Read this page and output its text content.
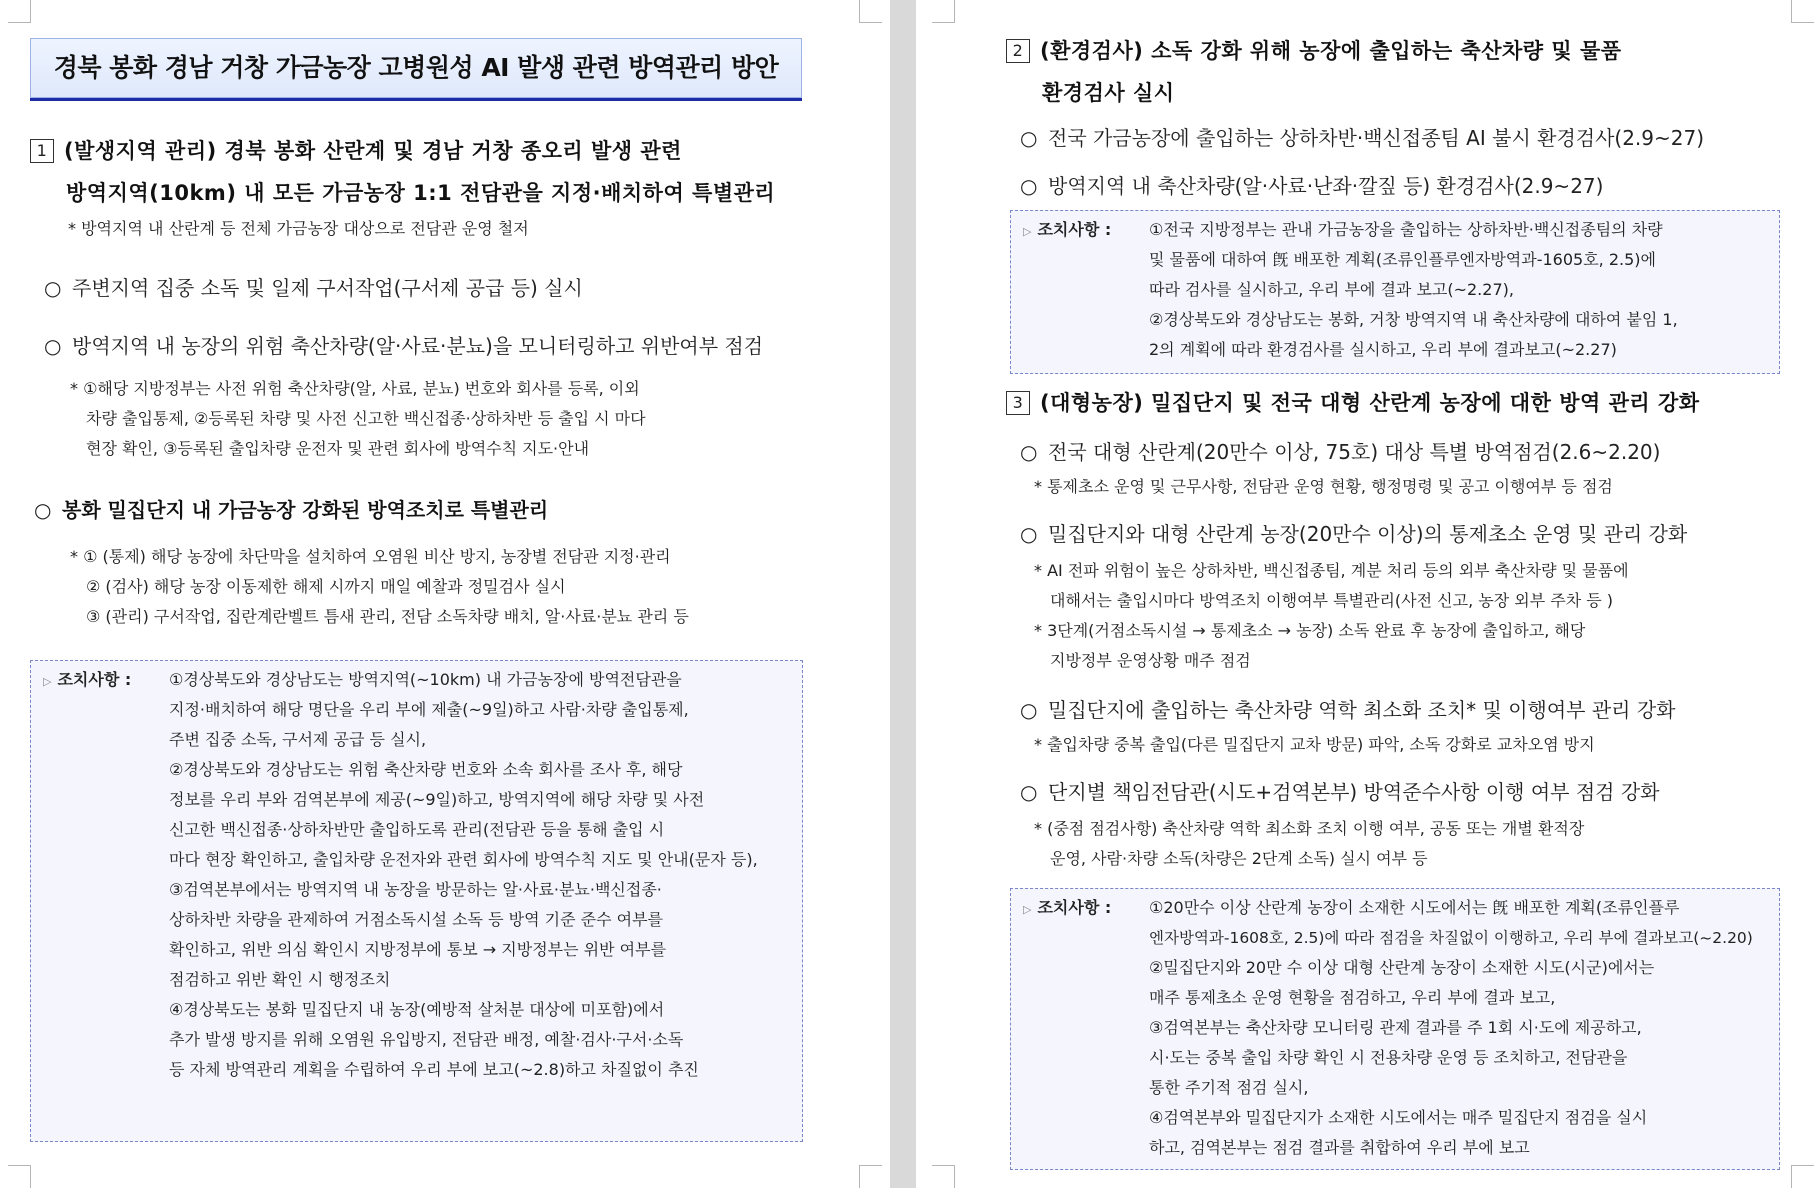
경북 봉화 경남 거창 가금농장 고병원성 AI 발생 관련 방역관리 방안
1 (발생지역 관리) 경북 봉화 산란계 및 경남 거창 종오리 발생 관련
방역지역(10km) 내 모든 가금농장 1:1 전담관을 지정·배치하여 특별관리
* 방역지역 내 산란계 등 전체 가금농장 대상으로 전담관 운영 철저
○ 주변지역 집중 소독 및 일제 구서작업(구서제 공급 등) 실시
○ 방역지역 내 농장의 위험 축산차량(알·사료·분뇨)을 모니터링하고 위반여부 점검
* ①해당 지방정부는 사전 위험 축산차량(알, 사료, 분뇨) 번호와 회사를 등록, 이외
차량 출입통제, ②등록된 차량 및 사전 신고한 백신접종·상하차반 등 출입 시 마다
현장 확인, ③등록된 출입차량 운전자 및 관련 회사에 방역수칙 지도·안내
○ 봉화 밀집단지 내 가금농장 강화된 방역조치로 특별관리
* ① (통제) 해당 농장에 차단막을 설치하여 오염원 비산 방지, 농장별 전담관 지정·관리
② (검사) 해당 농장 이동제한 해제 시까지 매일 예찰과 정밀검사 실시
③ (관리) 구서작업, 집란계란벨트 틈새 관리, 전담 소독차량 배치, 알·사료·분뇨 관리 등
▷ 조치사항 : ①경상북도와 경상남도는 방역지역(~10km) 내 가금농장에 방역전담관을
지정·배치하여 해당 명단을 우리 부에 제출(~9일)하고 사람·차량 출입통제,
주변 집중 소독, 구서제 공급 등 실시,
②경상북도와 경상남도는 위험 축산차량 번호와 소속 회사를 조사 후, 해당
정보를 우리 부와 검역본부에 제공(~9일)하고, 방역지역에 해당 차량 및 사전
신고한 백신접종·상하차반만 출입하도록 관리(전담관 등을 통해 출입 시
마다 현장 확인하고, 출입차량 운전자와 관련 회사에 방역수칙 지도 및 안내(문자 등),
③검역본부에서는 방역지역 내 농장을 방문하는 알·사료·분뇨·백신접종·
상하차반 차량을 관제하여 거점소독시설 소독 등 방역 기준 준수 여부를
확인하고, 위반 의심 확인시 지방정부에 통보 → 지방정부는 위반 여부를
점검하고 위반 확인 시 행정조치
④경상북도는 봉화 밀집단지 내 농장(예방적 살처분 대상에 미포함)에서
추가 발생 방지를 위해 오염원 유입방지, 전담관 배정, 예찰·검사·구서·소독
등 자체 방역관리 계획을 수립하여 우리 부에 보고(~2.8)하고 차질없이 추진
2 (환경검사) 소독 강화 위해 농장에 출입하는 축산차량 및 물품
환경검사 실시
○ 전국 가금농장에 출입하는 상하차반·백신접종팀 AI 불시 환경검사(2.9~27)
○ 방역지역 내 축산차량(알·사료·난좌·깔짚 등) 환경검사(2.9~27)
▷ 조치사항 : ①전국 지방정부는 관내 가금농장을 출입하는 상하차반·백신접종팀의 차량
및 물품에 대하여 旣 배포한 계획(조류인플루엔자방역과-1605호, 2.5)에
따라 검사를 실시하고, 우리 부에 결과 보고(~2.27),
②경상북도와 경상남도는 봉화, 거창 방역지역 내 축산차량에 대하여 붙임 1,
2의 계획에 따라 환경검사를 실시하고, 우리 부에 결과보고(~2.27)
3 (대형농장) 밀집단지 및 전국 대형 산란계 농장에 대한 방역 관리 강화
○ 전국 대형 산란계(20만수 이상, 75호) 대상 특별 방역점검(2.6~2.20)
* 통제초소 운영 및 근무사항, 전담관 운영 현황, 행정명령 및 공고 이행여부 등 점검
○ 밀집단지와 대형 산란계 농장(20만수 이상)의 통제초소 운영 및 관리 강화
* AI 전파 위험이 높은 상하차반, 백신접종팀, 계분 처리 등의 외부 축산차량 및 물품에
대해서는 출입시마다 방역조치 이행여부 특별관리(사전 신고, 농장 외부 주차 등 )
* 3단계(거점소독시설 → 통제초소 → 농장) 소독 완료 후 농장에 출입하고, 해당
지방정부 운영상황 매주 점검
○ 밀집단지에 출입하는 축산차량 역학 최소화 조치* 및 이행여부 관리 강화
* 출입차량 중복 출입(다른 밀집단지 교차 방문) 파악, 소독 강화로 교차오염 방지
○ 단지별 책임전담관(시도+검역본부) 방역준수사항 이행 여부 점검 강화
* (중점 점검사항) 축산차량 역학 최소화 조치 이행 여부, 공동 또는 개별 환적장
운영, 사람·차량 소독(차량은 2단계 소독) 실시 여부 등
▷ 조치사항 : ①20만수 이상 산란계 농장이 소재한 시도에서는 旣 배포한 계획(조류인플루
엔자방역과-1608호, 2.5)에 따라 점검을 차질없이 이행하고, 우리 부에 결과보고(~2.20)
②밀집단지와 20만 수 이상 대형 산란계 농장이 소재한 시도(시군)에서는
매주 통제초소 운영 현황을 점검하고, 우리 부에 결과 보고,
③검역본부는 축산차량 모니터링 관제 결과를 주 1회 시·도에 제공하고,
시·도는 중복 출입 차량 확인 시 전용차량 운영 등 조치하고, 전담관을
통한 주기적 점검 실시,
④검역본부와 밀집단지가 소재한 시도에서는 매주 밀집단지 점검을 실시
하고, 검역본부는 점검 결과를 취합하여 우리 부에 보고
